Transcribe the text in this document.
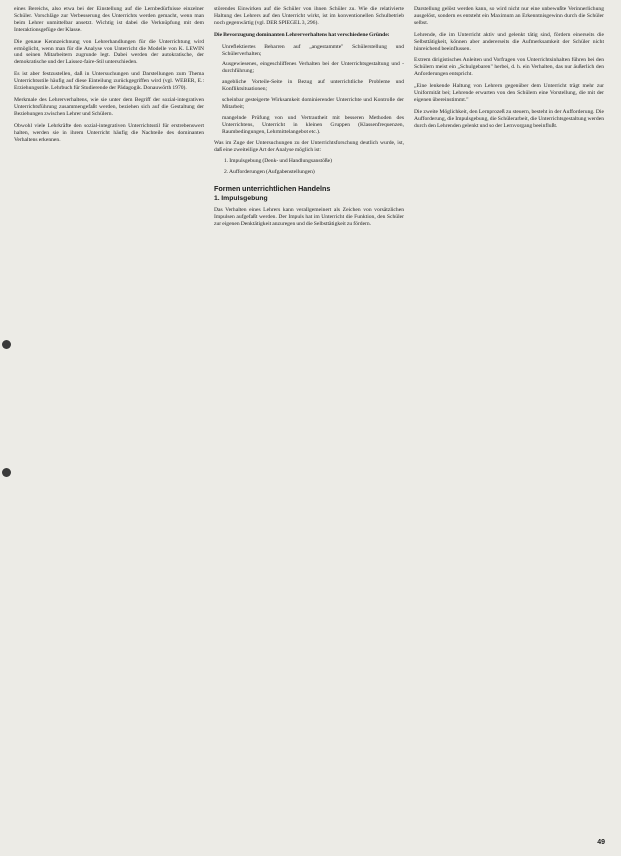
eines Bereichs, also etwa bei der Einstellung auf die Lernbedürfnisse einzelner Schüler. Vorschläge zur Verbesserung des Unterrichts werden gemacht, wenn man beim Lehrer unmittelbar ansetzt. Wichtig ist dabei die Verknüpfung mit dem Interaktionsgefüge der Klasse.

Die genaue Kennzeichnung von Lehrerhandlungen für die Unterrichtung wird ermöglicht, wenn man für die Analyse von Unterricht die Modelle von K. LEWIN und seinen Mitarbeitern zugrunde legt. Dabei werden der autokratische, der demokratische und der Laissez-faire-Stil unterschieden.

Es ist aber festzustellen, daß in Untersuchungen und Darstellungen zum Thema Unterrichtsstile häufig auf diese Einteilung zurückgegriffen wird (vgl. WEBER, E.: Erziehungsstile. Lehrbuch für Studierende der Pädagogik. Donauwörth 1970).

Merkmale des Lehrerverhaltens, wie sie unter dem Begriff der sozial-integrativen Unterrichtsführung zusammengefaßt werden, beziehen sich auf die Gestaltung der Beziehungen zwischen Lehrer und Schülern.

Obwohl viele Lehrkräfte den sozial-integrativen Unterrichtsstil für erstrebenswert halten, werden sie in ihrem Unterricht häufig die Nachteile des dominanten Verhaltens erkennen.

störendes Einwirken auf die Schüler von ihnen Schüler zu. Wie die relativierte Haltung des Lehrers auf den Unterricht wirkt, ist im konventionellen Schulbetrieb noch gegenwärtig (vgl. DER SPIEGEL 3, 296).

Die Bevorzugung dominanten Lehrerverhaltens hat verschiedene Gründe:

Unreflektiertes Beharren auf „angestammte" Schülerstellung und Schülerverhalten;

Ausgewiesenes, eingeschliffenes Verhalten bei der Unterrichtsgestaltung und -durchführung;

angebliche Vorteile-Seite in Bezug auf unterrichtliche Probleme und Konfliktsituationen;

scheinbar gesteigerte Wirksamkeit dominierender Unterrichte und Kontrolle der Mitarbeit;

mangelnde Prüfung von und Vertrautheit mit besseren Methoden des Unterrichtens, Unterricht in kleinen Gruppen (Klassenfrequenzen, Raumbedingungen, Lehrmittelangebot etc.).

Was im Zuge der Untersuchungen zu der Unterrichtsforschung deutlich wurde, ist, daß eine zweiteilige Art der Analyse möglich ist:

1. Impulsgebung (Denk- und Handlungsanstöße)

2. Aufforderungen (Aufgabenstellungen)

Formen unterrichtlichen Handelns
1. Impulsgebung

Das Verhalten eines Lehrers kann verallgemeinert als Zeichen von vorsätzlichen Impulsen aufgefaßt werden. Der Impuls hat im Unterricht die Funktion, den Schüler zur eigenen Denktätigkeit anzuregen und die Selbsttätigkeit zu fördern.

Darstellung gelöst werden kann, so wird nicht nur eine unbewußte Verinnerlichung ausgelöst, sondern es entsteht ein Maximum an Erkenntnisgewinn durch die Schüler selbst.

Lehrende, die im Unterricht aktiv und gelenkt tätig sind, fördern einerseits die Selbsttätigkeit, können aber andererseits die Aufmerksamkeit der Schüler nicht hinreichend beeinflussen.

Extrem dirigistisches Anleiten und Vorfragen von Unterrichtsinhalten führen bei den Schülern meist ein „Schulgebaren" herbei, d. h. ein Verhalten, das nur äußerlich den Anforderungen entspricht.

„Eine lenkende Haltung von Lehrern gegenüber dem Unterricht trägt mehr zur Uniformität bei; Lehrende erwarten von den Schülern eine Vorstellung, die mit der eigenen übereinstimmt."

Die zweite Möglichkeit, den Lernprozeß zu steuern, besteht in der Aufforderung. Die Aufforderung, die Impulsgebung, die Schülerarbeit, die Unterrichtsgestaltung werden durch den Lehrenden gelenkt und so der Lernvorgang beeinflußt.

49
